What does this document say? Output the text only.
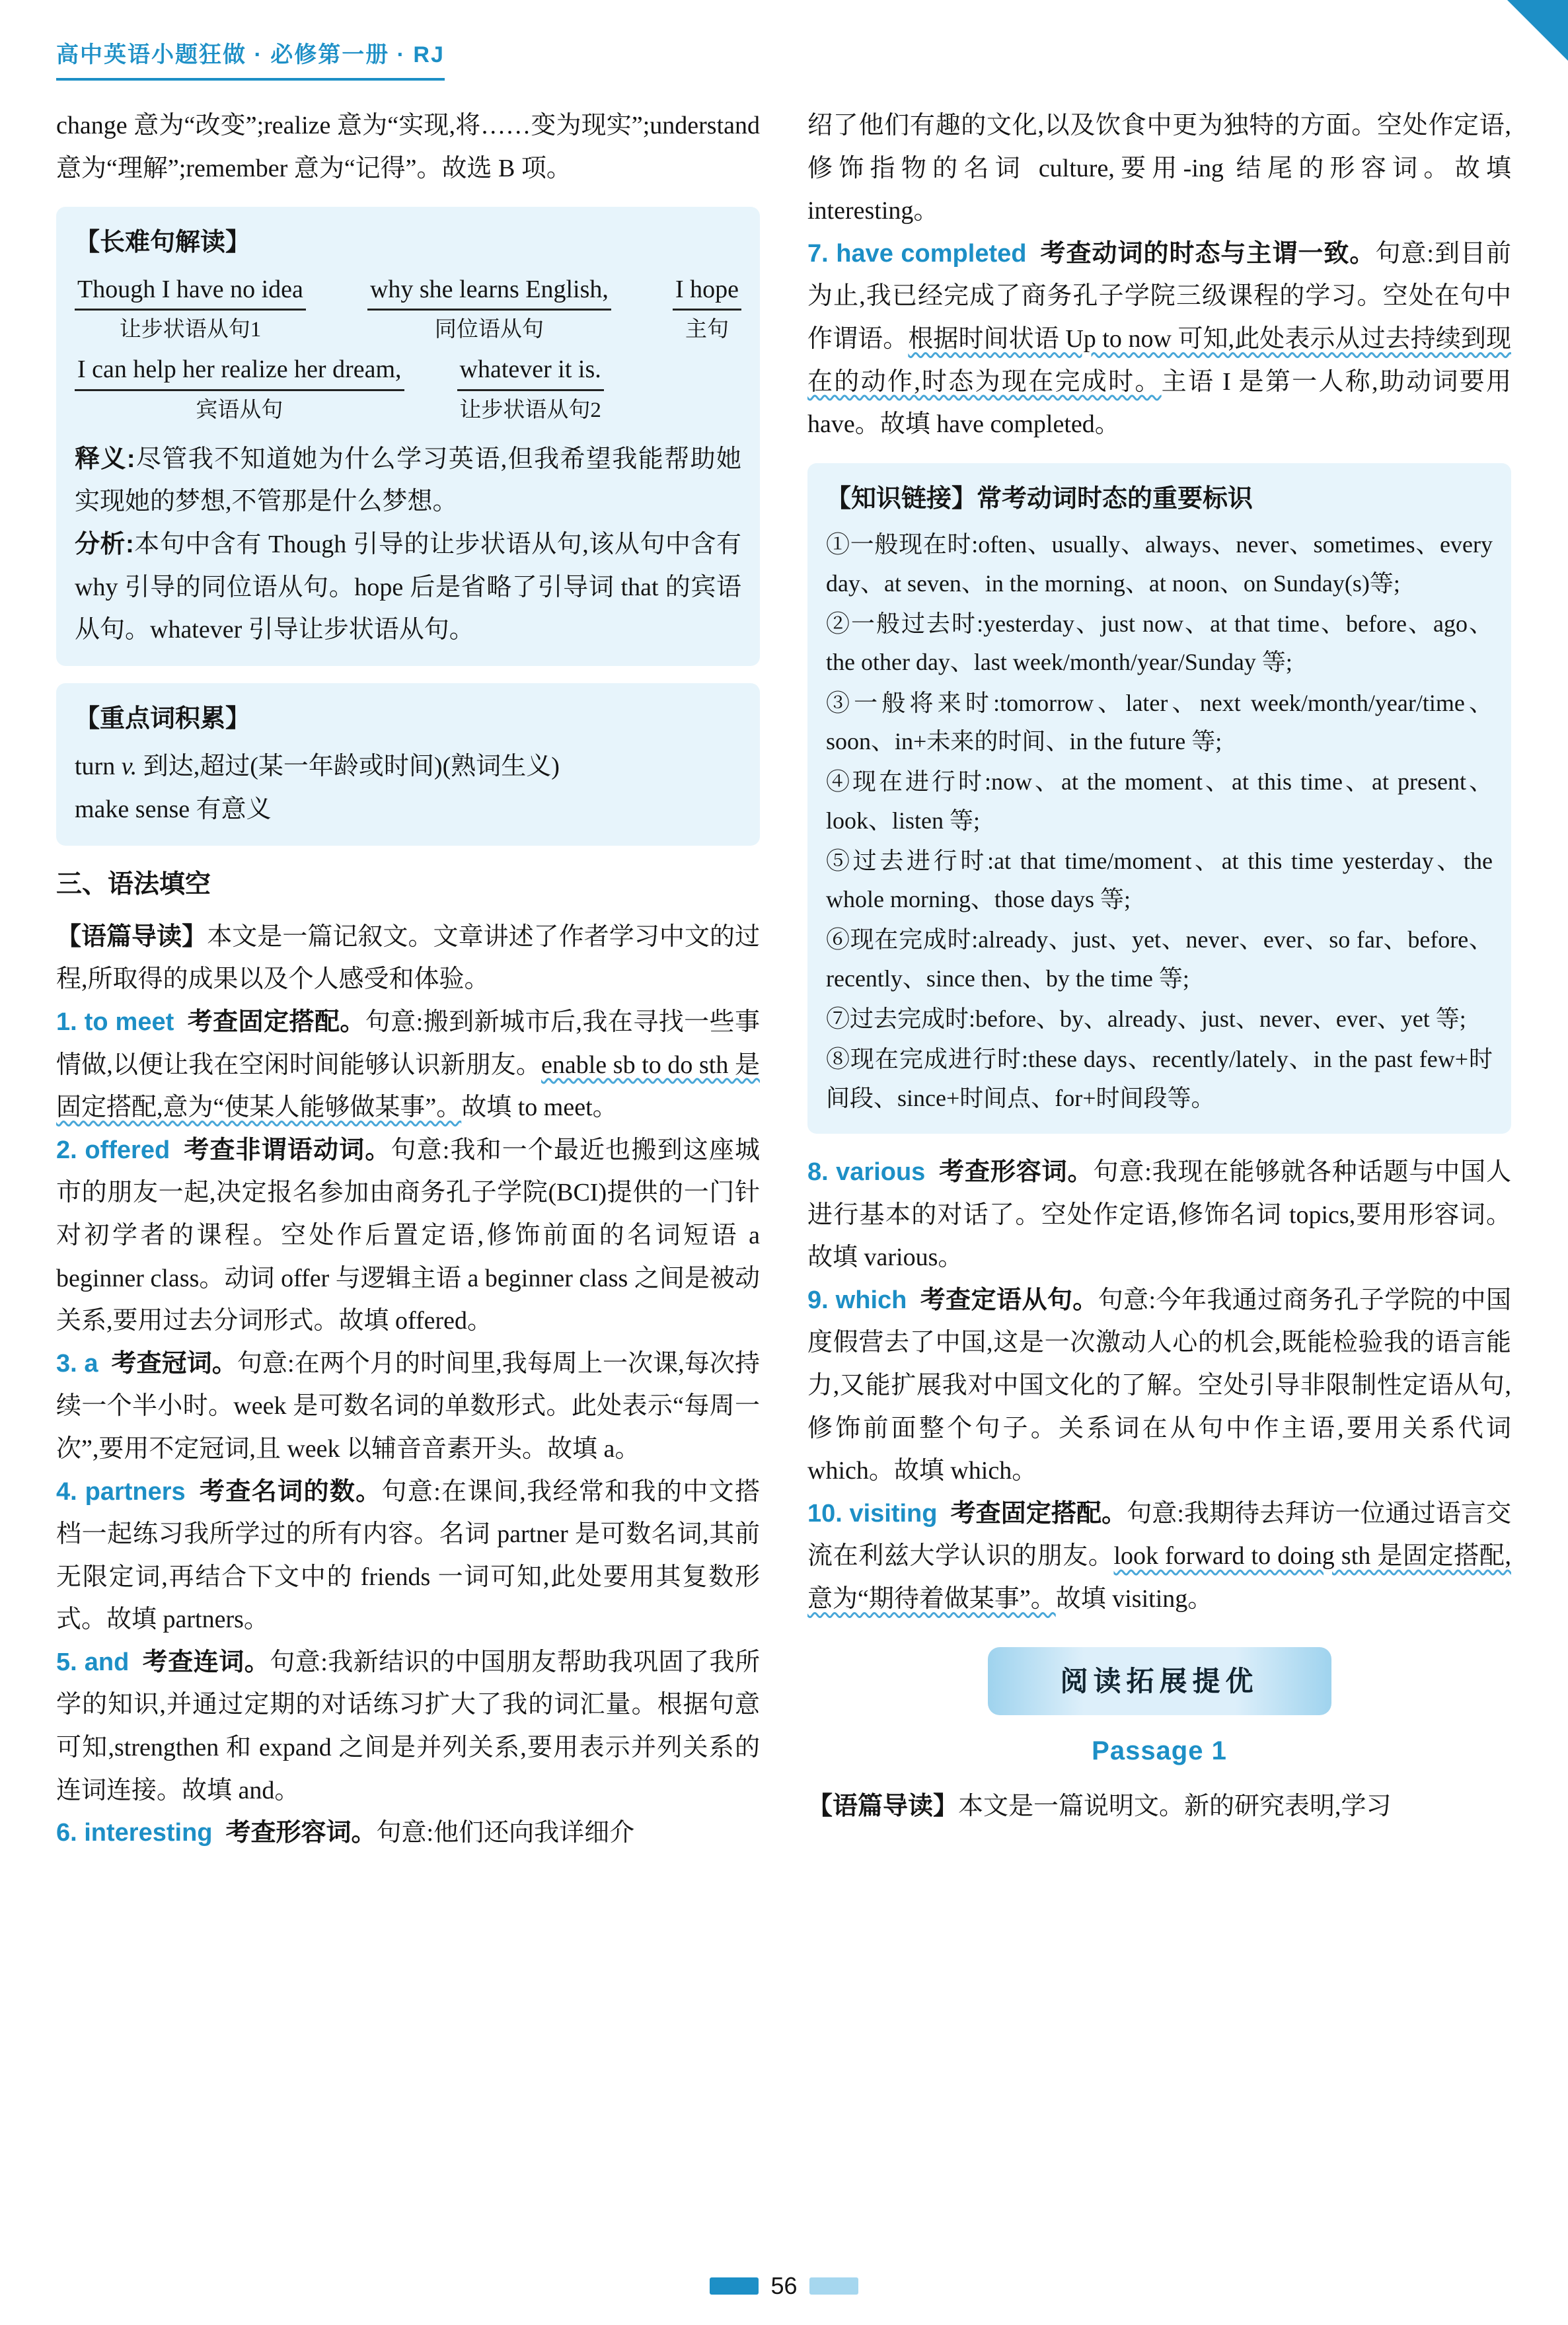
高中英语小题狂做 · 必修第一册 · RJ

change 意为“改变”;realize 意为“实现,将……变为现实”;understand 意为“理解”;remember 意为“记得”。故选 B 项。

【长难句解读】
Though I have no idea
让步状语从句1
why she learns English,
同位语从句
I hope
主句
I can help her realize her dream,
宾语从句
whatever it is.
让步状语从句2

释义:尽管我不知道她为什么学习英语,但我希望我能帮助她实现她的梦想,不管那是什么梦想。

分析:本句中含有 Though 引导的让步状语从句,该从句中含有 why 引导的同位语从句。hope 后是省略了引导词 that 的宾语从句。whatever 引导让步状语从句。

【重点词积累】

turn v. 到达,超过(某一年龄或时间)(熟词生义)

make sense 有意义

三、语法填空

【语篇导读】本文是一篇记叙文。文章讲述了作者学习中文的过程,所取得的成果以及个人感受和体验。

1. to meet 考查固定搭配。句意:搬到新城市后,我在寻找一些事情做,以便让我在空闲时间能够认识新朋友。enable sb to do sth 是固定搭配,意为“使某人能够做某事”。故填 to meet。

2. offered 考查非谓语动词。句意:我和一个最近也搬到这座城市的朋友一起,决定报名参加由商务孔子学院(BCI)提供的一门针对初学者的课程。空处作后置定语,修饰前面的名词短语 a beginner class。动词 offer 与逻辑主语 a beginner class 之间是被动关系,要用过去分词形式。故填 offered。

3. a 考查冠词。句意:在两个月的时间里,我每周上一次课,每次持续一个半小时。week 是可数名词的单数形式。此处表示“每周一次”,要用不定冠词,且 week 以辅音音素开头。故填 a。

4. partners 考查名词的数。句意:在课间,我经常和我的中文搭档一起练习我所学过的所有内容。名词 partner 是可数名词,其前无限定词,再结合下文中的 friends 一词可知,此处要用其复数形式。故填 partners。

5. and 考查连词。句意:我新结识的中国朋友帮助我巩固了我所学的知识,并通过定期的对话练习扩大了我的词汇量。根据句意可知,strengthen 和 expand 之间是并列关系,要用表示并列关系的连词连接。故填 and。

6. interesting 考查形容词。句意:他们还向我详细介

绍了他们有趣的文化,以及饮食中更为独特的方面。空处作定语,修饰指物的名词 culture,要用-ing 结尾的形容词。故填 interesting。

7. have completed 考查动词的时态与主谓一致。句意:到目前为止,我已经完成了商务孔子学院三级课程的学习。空处在句中作谓语。根据时间状语 Up to now 可知,此处表示从过去持续到现在的动作,时态为现在完成时。主语 I 是第一人称,助动词要用 have。故填 have completed。

【知识链接】常考动词时态的重要标识

①一般现在时:often、usually、always、never、sometimes、every day、at seven、in the morning、at noon、on Sunday(s)等;

②一般过去时:yesterday、just now、at that time、before、ago、the other day、last week/month/year/Sunday 等;

③一般将来时:tomorrow、later、next week/month/year/time、soon、in+未来的时间、in the future 等;

④现在进行时:now、at the moment、at this time、at present、look、listen 等;

⑤过去进行时:at that time/moment、at this time yesterday、the whole morning、those days 等;

⑥现在完成时:already、just、yet、never、ever、so far、before、recently、since then、by the time 等;

⑦过去完成时:before、by、already、just、never、ever、yet 等;

⑧现在完成进行时:these days、recently/lately、in the past few+时间段、since+时间点、for+时间段等。

8. various 考查形容词。句意:我现在能够就各种话题与中国人进行基本的对话了。空处作定语,修饰名词 topics,要用形容词。故填 various。

9. which 考查定语从句。句意:今年我通过商务孔子学院的中国度假营去了中国,这是一次激动人心的机会,既能检验我的语言能力,又能扩展我对中国文化的了解。空处引导非限制性定语从句,修饰前面整个句子。关系词在从句中作主语,要用关系代词 which。故填 which。

10. visiting 考查固定搭配。句意:我期待去拜访一位通过语言交流在利兹大学认识的朋友。look forward to doing sth 是固定搭配,意为“期待着做某事”。故填 visiting。

阅读拓展提优
Passage 1

【语篇导读】本文是一篇说明文。新的研究表明,学习

56
